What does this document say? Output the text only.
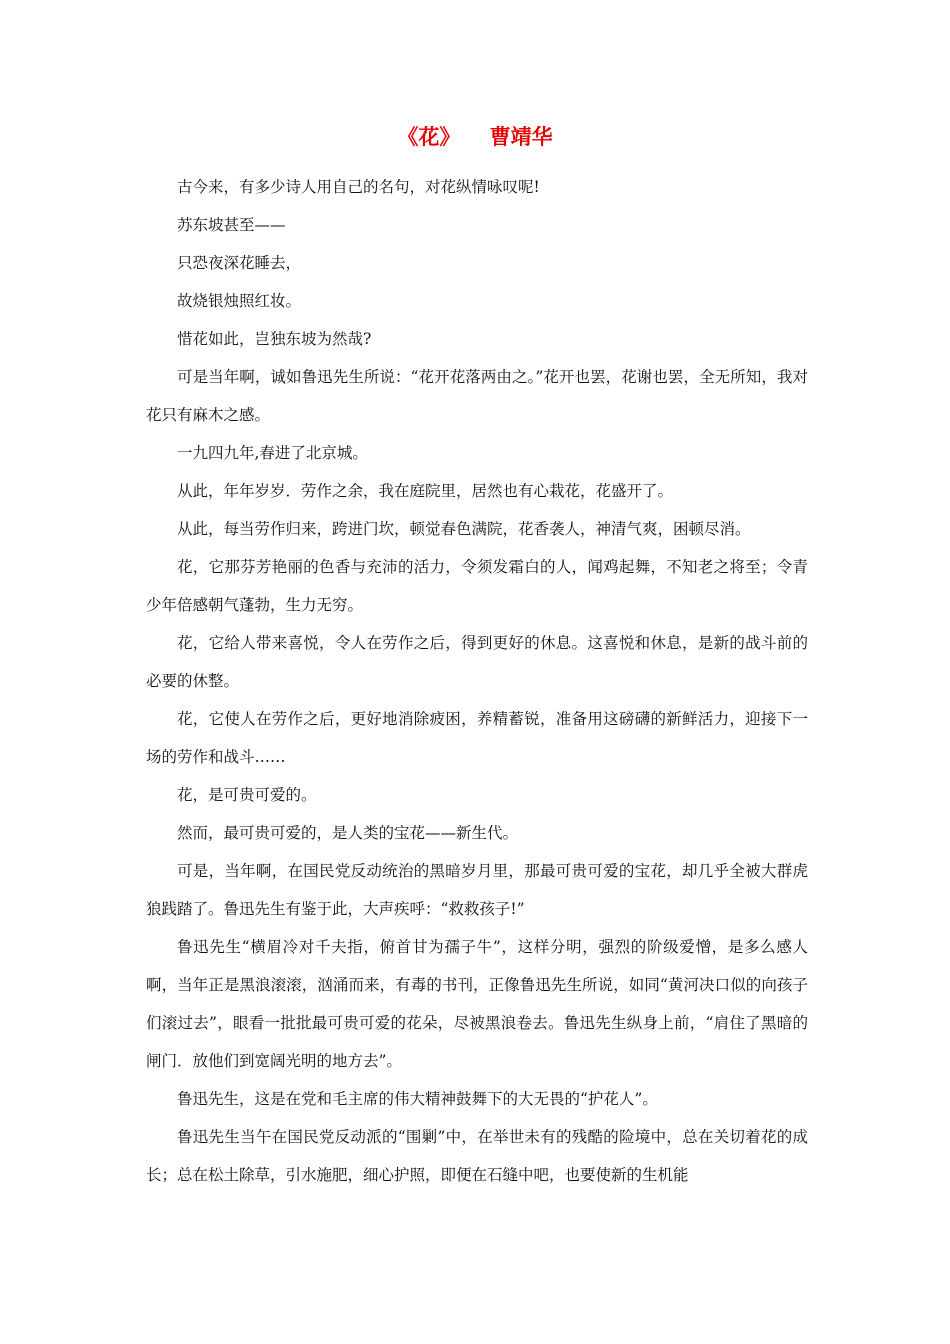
《花》    曹靖华

古今来，有多少诗人用自己的名句，对花纵情咏叹呢!

苏东坡甚至——

只恐夜深花睡去，

故烧银烛照红妆。

惜花如此，岂独东坡为然哉?

可是当年啊，诚如鲁迅先生所说：“花开花落两由之。”花开也罢，花谢也罢，全无所知，我对花只有麻木之感。

一九四九年,春进了北京城。

从此，年年岁岁．劳作之余，我在庭院里，居然也有心栽花，花盛开了。

从此，每当劳作归来，跨进门坎，顿觉春色满院，花香袭人，神清气爽，困顿尽消。

花，它那芬芳艳丽的色香与充沛的活力，令须发霜白的人，闻鸡起舞，不知老之将至；令青少年倍感朝气蓬勃，生力无穷。

花，它给人带来喜悦，令人在劳作之后，得到更好的休息。这喜悦和休息，是新的战斗前的必要的休整。

花，它使人在劳作之后，更好地消除疲困，养精蓄锐，准备用这磅礴的新鲜活力，迎接下一场的劳作和战斗……

花，是可贵可爱的。

然而，最可贵可爱的，是人类的宝花——新生代。

可是，当年啊，在国民党反动统治的黑暗岁月里，那最可贵可爱的宝花，却几乎全被大群虎狼践踏了。鲁迅先生有鉴于此，大声疾呼：“救救孩子!”

鲁迅先生“横眉冷对千夫指，俯首甘为孺子牛”，这样分明，强烈的阶级爱憎，是多么感人啊，当年正是黑浪滚滚，汹涌而来，有毒的书刊，正像鲁迅先生所说，如同“黄河决口似的向孩子们滚过去”，眼看一批批最可贵可爱的花朵，尽被黑浪卷去。鲁迅先生纵身上前，“肩住了黑暗的闸门．放他们到宽阔光明的地方去”。

鲁迅先生，这是在党和毛主席的伟大精神鼓舞下的大无畏的“护花人”。

鲁迅先生当午在国民党反动派的“围剿”中，在举世未有的残酷的险境中，总在关切着花的成长；总在松土除草，引水施肥，细心护照，即便在石缝中吧，也要使新的生机能
